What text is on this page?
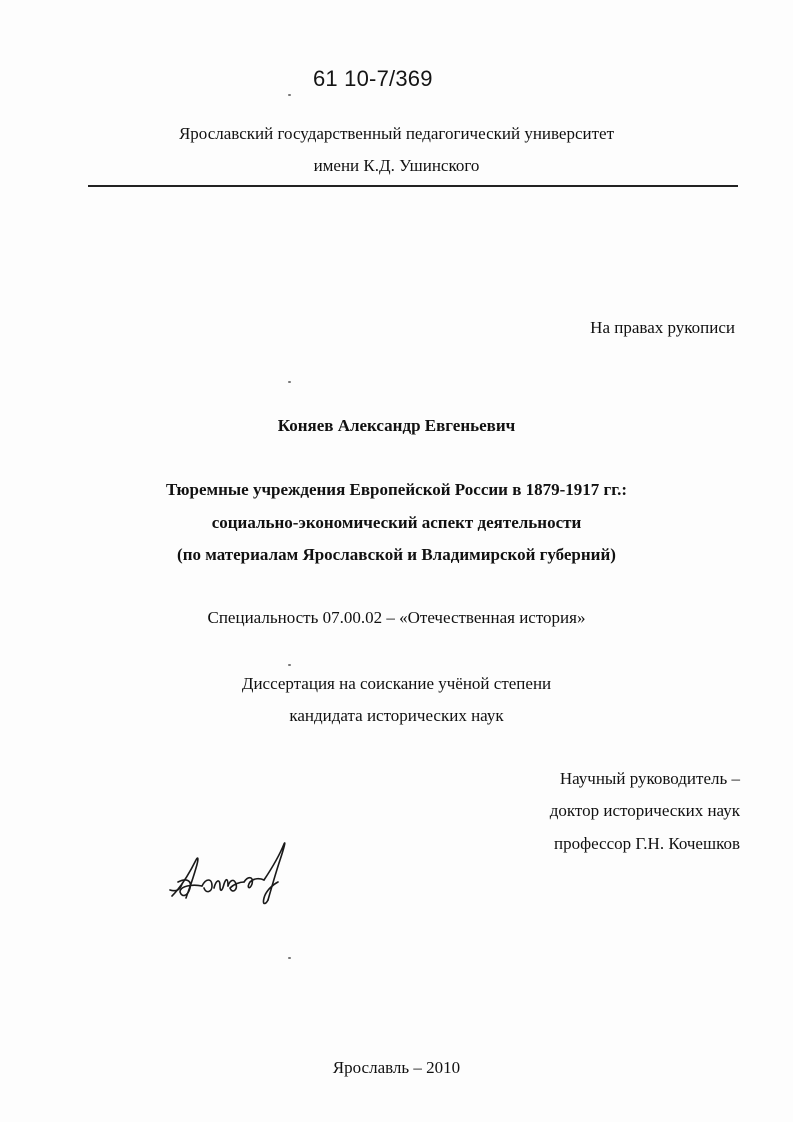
61 10-7/369
Ярославский государственный педагогический университет
имени К.Д. Ушинского
На правах рукописи
Коняев Александр Евгеньевич
Тюремные учреждения Европейской России в 1879-1917 гг.:
социально-экономический аспект деятельности
(по материалам Ярославской и Владимирской губерний)
Специальность 07.00.02 – «Отечественная история»
Диссертация на соискание учёной степени
кандидата исторических наук
Научный руководитель –
доктор исторических наук
профессор Г.Н. Кочешков
Ярославль – 2010
